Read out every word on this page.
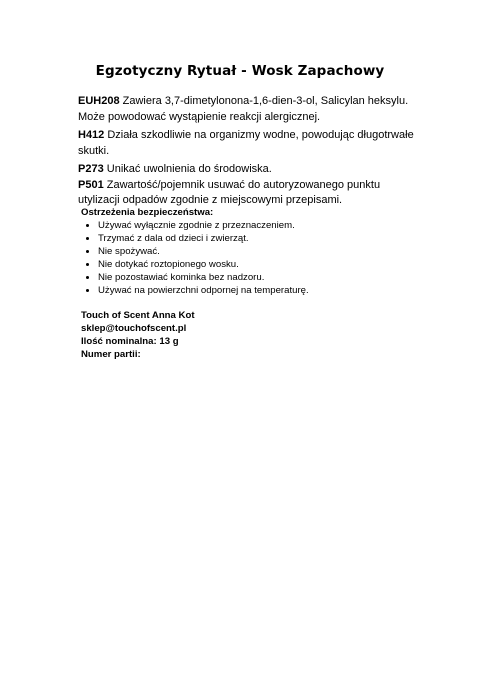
Egzotyczny Rytuał - Wosk Zapachowy

EUH208 Zawiera 3,7-dimetylonona-1,6-dien-3-ol, Salicylan heksylu. Może powodować wystąpienie reakcji alergicznej.

H412 Działa szkodliwie na organizmy wodne, powodując długotrwałe skutki.

P273 Unikać uwolnienia do środowiska.

P501 Zawartość/pojemnik usuwać do autoryzowanego punktu utylizacji odpadów zgodnie z miejscowymi przepisami.

Ostrzeżenia bezpieczeństwa:
• Używać wyłącznie zgodnie z przeznaczeniem.
• Trzymać z dala od dzieci i zwierząt.
• Nie spożywać.
• Nie dotykać roztopionego wosku.
• Nie pozostawiać kominka bez nadzoru.
• Używać na powierzchni odpornej na temperaturę.
Touch of Scent Anna Kot
sklep@touchofscent.pl
Ilość nominalna: 13 g
Numer partii:
